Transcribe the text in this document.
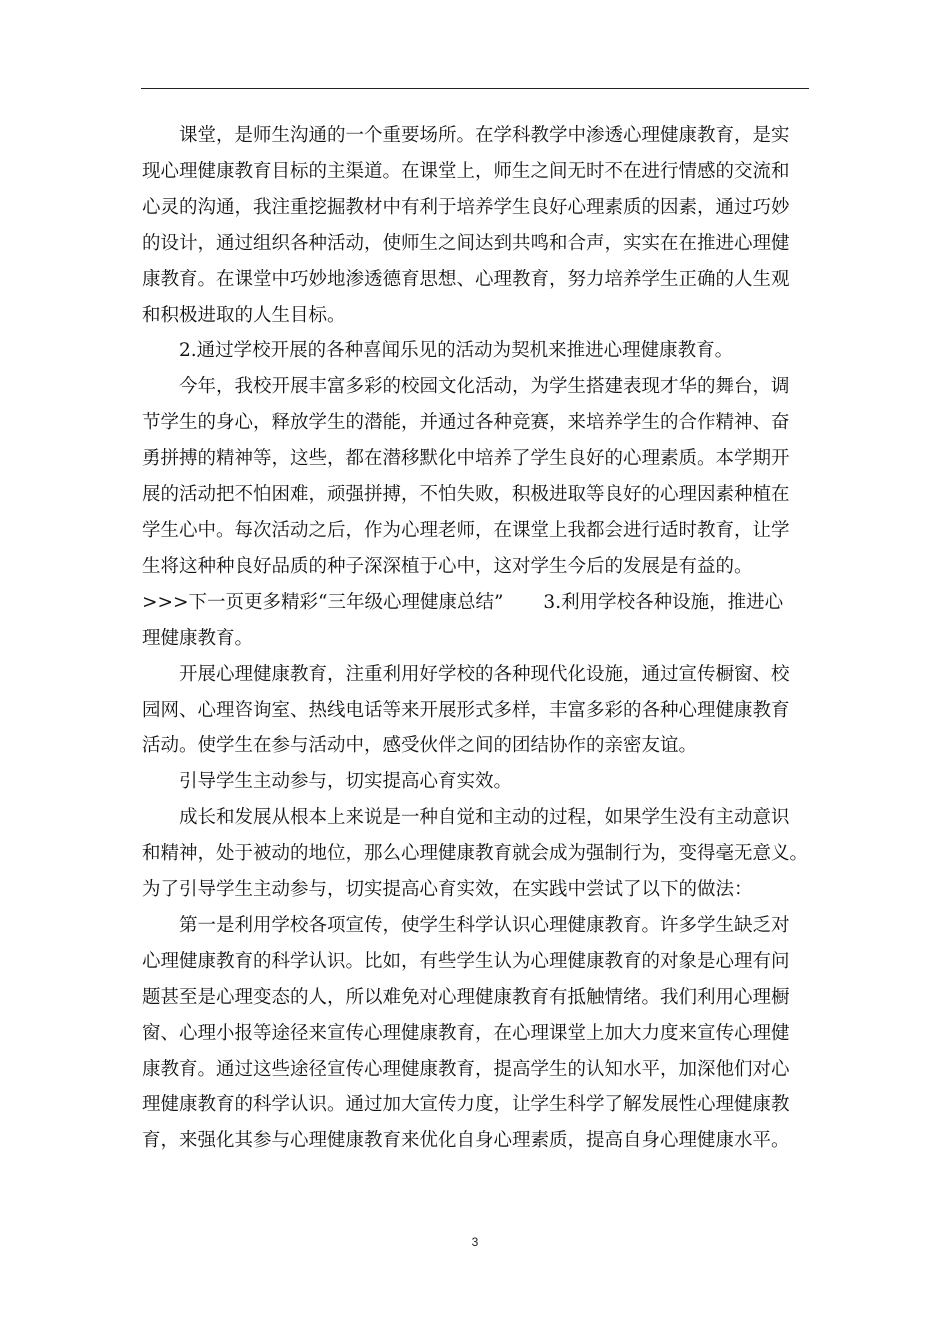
课堂，是师生沟通的一个重要场所。在学科教学中渗透心理健康教育，是实
现心理健康教育目标的主渠道。在课堂上，师生之间无时不在进行情感的交流和
心灵的沟通，我注重挖掘教材中有利于培养学生良好心理素质的因素，通过巧妙
的设计，通过组织各种活动，使师生之间达到共鸣和合声，实实在在推进心理健
康教育。在课堂中巧妙地渗透德育思想、心理教育，努力培养学生正确的人生观
和积极进取的人生目标。

2.通过学校开展的各种喜闻乐见的活动为契机来推进心理健康教育。

今年，我校开展丰富多彩的校园文化活动，为学生搭建表现才华的舞台，调
节学生的身心，释放学生的潜能，并通过各种竞赛，来培养学生的合作精神、奋
勇拼搏的精神等，这些，都在潜移默化中培养了学生良好的心理素质。本学期开
展的活动把不怕困难，顽强拼搏，不怕失败，积极进取等良好的心理因素种植在
学生心中。每次活动之后，作为心理老师，在课堂上我都会进行适时教育，让学
生将这种种良好品质的种子深深植于心中，这对学生今后的发展是有益的。

>>>下一页更多精彩“三年级心理健康总结” 3.利用学校各种设施，推进心
理健康教育。

开展心理健康教育，注重利用好学校的各种现代化设施，通过宣传橱窗、校
园网、心理咨询室、热线电话等来开展形式多样，丰富多彩的各种心理健康教育
活动。使学生在参与活动中，感受伙伴之间的团结协作的亲密友谊。

引导学生主动参与，切实提高心育实效。

成长和发展从根本上来说是一种自觉和主动的过程，如果学生没有主动意识
和精神，处于被动的地位，那么心理健康教育就会成为强制行为，变得毫无意义。
为了引导学生主动参与，切实提高心育实效，在实践中尝试了以下的做法：

第一是利用学校各项宣传，使学生科学认识心理健康教育。许多学生缺乏对
心理健康教育的科学认识。比如，有些学生认为心理健康教育的对象是心理有问
题甚至是心理变态的人，所以难免对心理健康教育有抵触情绪。我们利用心理橱
窗、心理小报等途径来宣传心理健康教育，在心理课堂上加大力度来宣传心理健
康教育。通过这些途径宣传心理健康教育，提高学生的认知水平，加深他们对心
理健康教育的科学认识。通过加大宣传力度，让学生科学了解发展性心理健康教
育，来强化其参与心理健康教育来优化自身心理素质，提高自身心理健康水平。

3
